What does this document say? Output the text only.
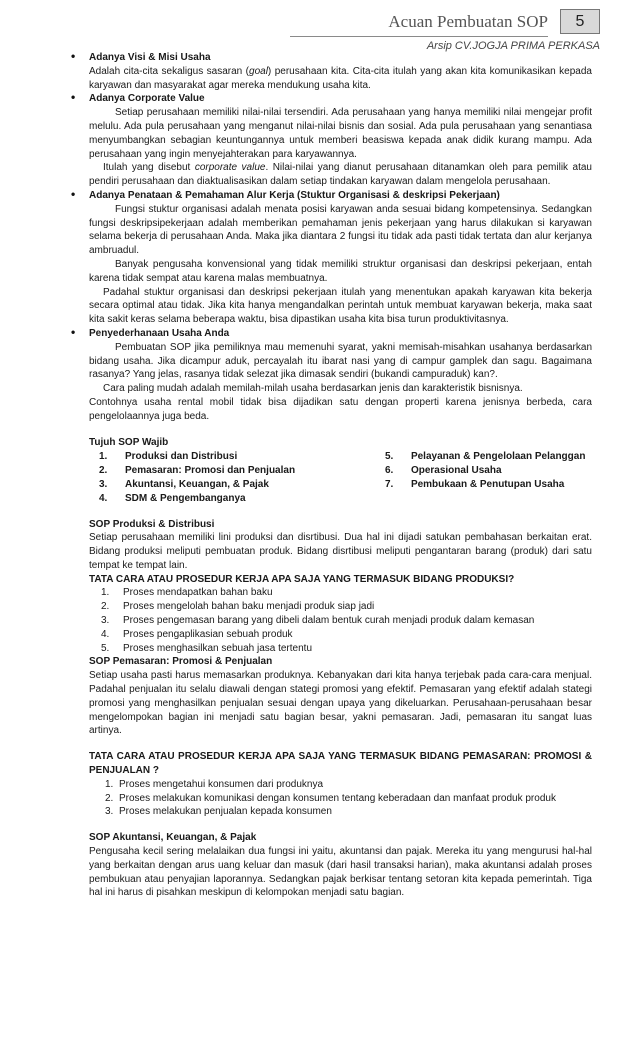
Acuan Pembuatan SOP	5
Arsip CV.JOGJA PRIMA PERKASA

• Adanya Visi & Misi Usaha

Adalah cita-cita sekaligus sasaran (goal) perusahaan kita. Cita-cita itulah yang akan kita komunikasikan kepada karyawan dan masyarakat agar mereka mendukung usaha kita.

• Adanya Corporate Value

Setiap perusahaan memiliki nilai-nilai tersendiri. Ada perusahaan yang hanya memiliki nilai mengejar profit melulu. Ada pula perusahaan yang menganut nilai-nilai bisnis dan sosial. Ada pula perusahaan yang senantiasa menyumbangkan sebagian keuntungannya untuk memberi beasiswa kepada anak didik kurang mampu. Ada perusahaan yang ingin menyejahterakan para karyawannya.

Itulah yang disebut corporate value. Nilai-nilai yang dianut perusahaan ditanamkan oleh para pemilik atau pendiri perusahaan dan diaktualisasikan dalam setiap tindakan karyawan dalam mengelola perusahaan.

• Adanya Penataan & Pemahaman Alur Kerja (Stuktur Organisasi & deskripsi Pekerjaan)

Fungsi stuktur organisasi adalah menata posisi karyawan anda sesuai bidang kompetensinya. Sedangkan fungsi deskripsipekerjaan adalah memberikan pemahaman jenis pekerjaan yang harus dilakukan si karyawan selama bekerja di perusahaan Anda. Maka jika diantara 2 fungsi itu tidak ada pasti tidak tertata dan alur kerjanya ambruadul.

Banyak pengusaha konvensional yang tidak memiliki struktur organisasi dan deskripsi pekerjaan, entah karena tidak sempat atau karena malas membuatnya.

Padahal stuktur organisasi dan deskripsi pekerjaan itulah yang menentukan apakah karyawan kita bekerja secara optimal atau tidak. Jika kita hanya mengandalkan perintah untuk membuat karyawan bekerja, maka saat kita sakit keras selama beberapa waktu, bisa dipastikan usaha kita bisa turun produktivitasnya.

• Penyederhanaan Usaha Anda

Pembuatan SOP jika pemiliknya mau memenuhi syarat, yakni memisah-misahkan usahanya berdasarkan bidang usaha. Jika dicampur aduk, percayalah itu ibarat nasi yang di campur gamplek dan sagu. Bagaimana rasanya? Yang jelas, rasanya tidak selezat jika dimasak sendiri (bukandi campuraduk) kan?.

Cara paling mudah adalah memilah-milah usaha berdasarkan jenis dan karakteristik bisnisnya.

Contohnya usaha rental mobil tidak bisa dijadikan satu dengan properti karena jenisnya berbeda, cara pengelolaannya juga beda.

Tujuh SOP Wajib

1.	Produksi dan Distribusi
2.	Pemasaran: Promosi dan Penjualan
3.	Akuntansi, Keuangan, & Pajak
4.	SDM & Pengembanganya
5.	Pelayanan & Pengelolaan Pelanggan
6.	Operasional Usaha
7.	Pembukaan & Penutupan Usaha

SOP Produksi & Distribusi

Setiap perusahaan memiliki lini produksi dan disrtibusi. Dua hal ini dijadi satukan pembahasan berkaitan erat. Bidang produksi meliputi pembuatan produk. Bidang disrtibusi meliputi pengantaran barang (produk) dari satu tempat ke tempat lain.

TATA CARA ATAU PROSEDUR KERJA APA SAJA YANG TERMASUK BIDANG PRODUKSI?

1.	Proses mendapatkan bahan baku
2.	Proses mengelolah bahan baku menjadi produk siap jadi
3.	Proses pengemasan barang yang dibeli dalam bentuk curah menjadi produk dalam kemasan
4.	Proses pengaplikasian sebuah produk
5.	Proses menghasilkan sebuah jasa tertentu

SOP Pemasaran: Promosi & Penjualan

Setiap usaha pasti harus memasarkan produknya. Kebanyakan dari kita hanya terjebak pada cara-cara menjual. Padahal penjualan itu selalu diawali dengan stategi promosi yang efektif. Pemasaran yang efektif adalah stategi promosi yang menghasilkan penjualan sesuai dengan upaya yang dikeluarkan. Perusahaan-perusahaan besar mengelompokan bagian ini menjadi satu bagian besar, yakni pemasaran. Jadi, pemasaran itu sangat luas artinya.

TATA CARA ATAU PROSEDUR KERJA APA SAJA YANG TERMASUK BIDANG PEMASARAN: PROMOSI & PENJUALAN ?

1. Proses mengetahui konsumen dari produknya
2. Proses melakukan komunikasi dengan konsumen tentang keberadaan dan manfaat produk produk
3. Proses melakukan penjualan kepada konsumen

SOP Akuntansi, Keuangan, & Pajak

Pengusaha kecil sering melalaikan dua fungsi ini yaitu, akuntansi dan pajak. Mereka itu yang mengurusi hal-hal yang berkaitan dengan arus uang keluar dan masuk (dari hasil transaksi harian), maka akuntansi adalah proses pembukuan atau penyajian laporannya. Sedangkan pajak berkisar tentang setoran kita kepada pemerintah. Tiga hal ini harus di pisahkan meskipun di kelompokan menjadi satu bagian.
